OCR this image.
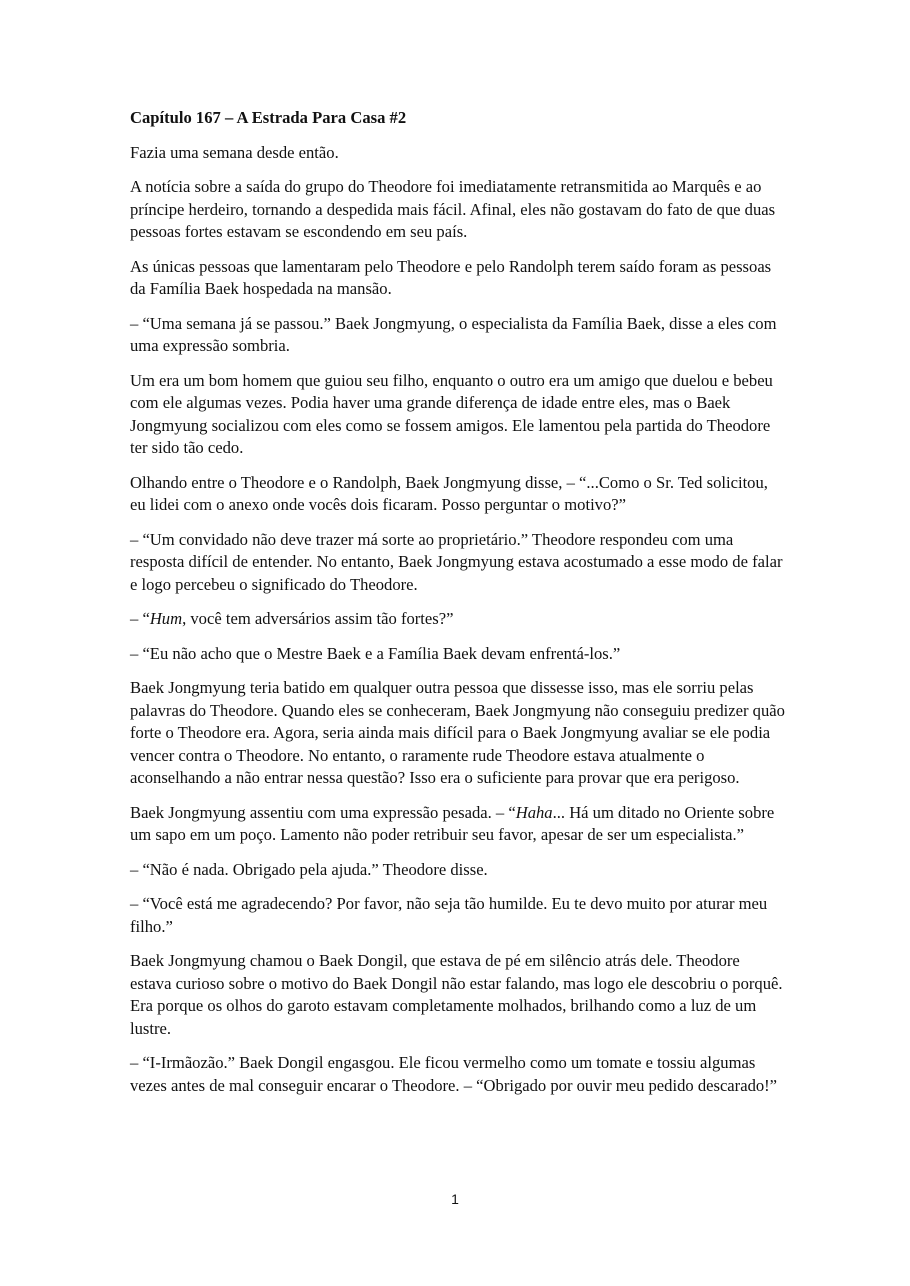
Capítulo 167 – A Estrada Para Casa #2

Fazia uma semana desde então.

A notícia sobre a saída do grupo do Theodore foi imediatamente retransmitida ao Marquês e ao príncipe herdeiro, tornando a despedida mais fácil. Afinal, eles não gostavam do fato de que duas pessoas fortes estavam se escondendo em seu país.

As únicas pessoas que lamentaram pelo Theodore e pelo Randolph terem saído foram as pessoas da Família Baek hospedada na mansão.

– “Uma semana já se passou.” Baek Jongmyung, o especialista da Família Baek, disse a eles com uma expressão sombria.

Um era um bom homem que guiou seu filho, enquanto o outro era um amigo que duelou e bebeu com ele algumas vezes. Podia haver uma grande diferença de idade entre eles, mas o Baek Jongmyung socializou com eles como se fossem amigos. Ele lamentou pela partida do Theodore ter sido tão cedo.

Olhando entre o Theodore e o Randolph, Baek Jongmyung disse, – “...Como o Sr. Ted solicitou, eu lidei com o anexo onde vocês dois ficaram. Posso perguntar o motivo?”

– “Um convidado não deve trazer má sorte ao proprietário.” Theodore respondeu com uma resposta difícil de entender. No entanto, Baek Jongmyung estava acostumado a esse modo de falar e logo percebeu o significado do Theodore.

– “Hum, você tem adversários assim tão fortes?”

– “Eu não acho que o Mestre Baek e a Família Baek devam enfrentá-los.”

Baek Jongmyung teria batido em qualquer outra pessoa que dissesse isso, mas ele sorriu pelas palavras do Theodore. Quando eles se conheceram, Baek Jongmyung não conseguiu predizer quão forte o Theodore era. Agora, seria ainda mais difícil para o Baek Jongmyung avaliar se ele podia vencer contra o Theodore. No entanto, o raramente rude Theodore estava atualmente o aconselhando a não entrar nessa questão? Isso era o suficiente para provar que era perigoso.

Baek Jongmyung assentiu com uma expressão pesada. – “Haha... Há um ditado no Oriente sobre um sapo em um poço. Lamento não poder retribuir seu favor, apesar de ser um especialista.”

– “Não é nada. Obrigado pela ajuda.” Theodore disse.

– “Você está me agradecendo? Por favor, não seja tão humilde. Eu te devo muito por aturar meu filho.”

Baek Jongmyung chamou o Baek Dongil, que estava de pé em silêncio atrás dele. Theodore estava curioso sobre o motivo do Baek Dongil não estar falando, mas logo ele descobriu o porquê. Era porque os olhos do garoto estavam completamente molhados, brilhando como a luz de um lustre.

– “I-Irmãozão.” Baek Dongil engasgou. Ele ficou vermelho como um tomate e tossiu algumas vezes antes de mal conseguir encarar o Theodore. – “Obrigado por ouvir meu pedido descarado!”

1
